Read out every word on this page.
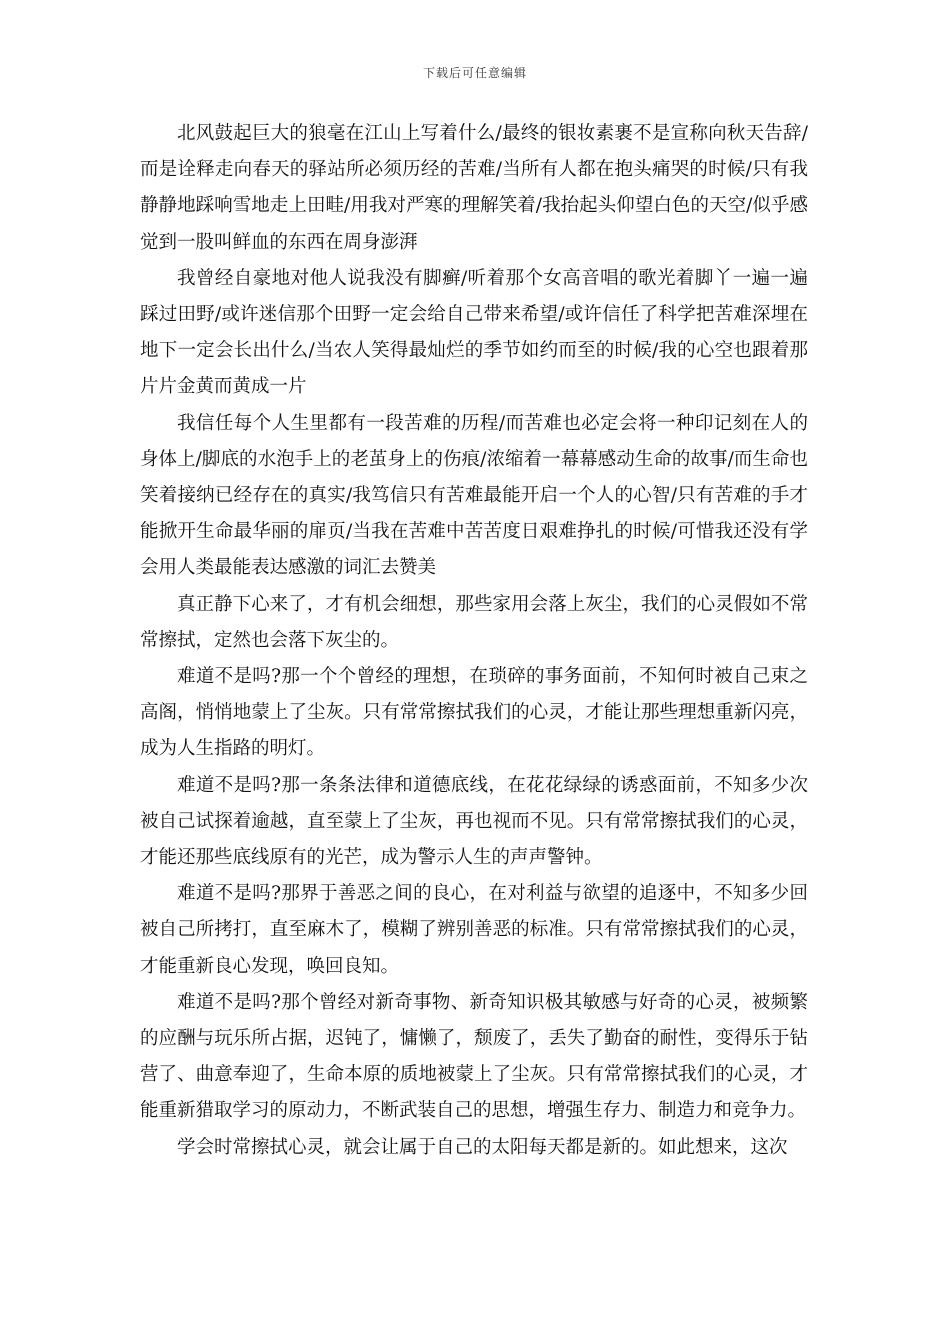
下载后可任意编辑

北风鼓起巨大的狼毫在江山上写着什么/最终的银妆素裹不是宣称向秋天告辞/而是诠释走向春天的驿站所必须历经的苦难/当所有人都在抱头痛哭的时候/只有我静静地踩响雪地走上田畦/用我对严寒的理解笑着/我抬起头仰望白色的天空/似乎感觉到一股叫鲜血的东西在周身澎湃

我曾经自豪地对他人说我没有脚癣/听着那个女高音唱的歌光着脚丫一遍一遍踩过田野/或许迷信那个田野一定会给自己带来希望/或许信任了科学把苦难深埋在地下一定会长出什么/当农人笑得最灿烂的季节如约而至的时候/我的心空也跟着那片片金黄而黄成一片

我信任每个人生里都有一段苦难的历程/而苦难也必定会将一种印记刻在人的身体上/脚底的水泡手上的老茧身上的伤痕/浓缩着一幕幕感动生命的故事/而生命也笑着接纳已经存在的真实/我笃信只有苦难最能开启一个人的心智/只有苦难的手才能掀开生命最华丽的扉页/当我在苦难中苦苦度日艰难挣扎的时候/可惜我还没有学会用人类最能表达感激的词汇去赞美

真正静下心来了，才有机会细想，那些家用会落上灰尘，我们的心灵假如不常常擦拭，定然也会落下灰尘的。

难道不是吗?那一个个曾经的理想，在琐碎的事务面前，不知何时被自己束之高阁，悄悄地蒙上了尘灰。只有常常擦拭我们的心灵，才能让那些理想重新闪亮，成为人生指路的明灯。

难道不是吗?那一条条法律和道德底线，在花花绿绿的诱惑面前，不知多少次被自己试探着逾越，直至蒙上了尘灰，再也视而不见。只有常常擦拭我们的心灵，才能还那些底线原有的光芒，成为警示人生的声声警钟。

难道不是吗?那界于善恶之间的良心，在对利益与欲望的追逐中，不知多少回被自己所拷打，直至麻木了，模糊了辨别善恶的标准。只有常常擦拭我们的心灵，才能重新良心发现，唤回良知。

难道不是吗?那个曾经对新奇事物、新奇知识极其敏感与好奇的心灵，被频繁的应酬与玩乐所占据，迟钝了，慵懒了，颓废了，丢失了勤奋的耐性，变得乐于钻营了、曲意奉迎了，生命本原的质地被蒙上了尘灰。只有常常擦拭我们的心灵，才能重新猎取学习的原动力，不断武装自己的思想，增强生存力、制造力和竞争力。

学会时常擦拭心灵，就会让属于自己的太阳每天都是新的。如此想来，这次
